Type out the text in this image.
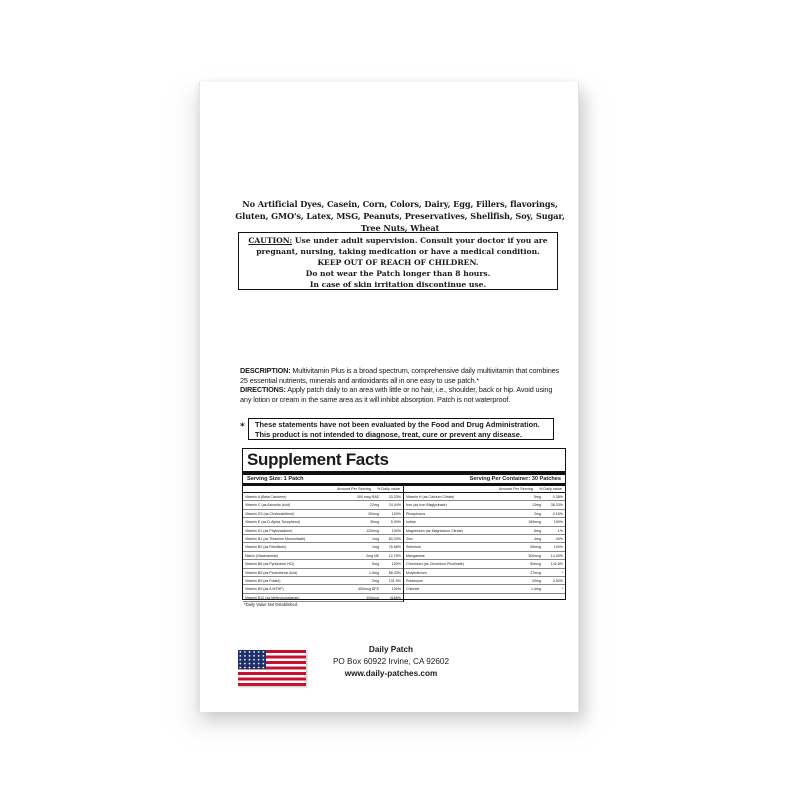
No Artificial Dyes, Casein, Corn, Colors, Dairy, Egg, Fillers, flavorings, Gluten, GMO's, Latex, MSG, Peanuts, Preservatives, Shellfish, Soy, Sugar, Tree Nuts, Wheat
CAUTION: Use under adult supervision. Consult your doctor if you are pregnant, nursing, taking medication or have a medical condition.
KEEP OUT OF REACH OF CHILDREN.
Do not wear the Patch longer than 8 hours.
In case of skin irritation discontinue use.
DESCRIPTION: Multivitamin Plus is a broad spectrum, comprehensive daily multivitamin that combines 25 essential nutrients, minerals and antioxidants all in one easy to use patch.*
DIRECTIONS: Apply patch daily to an area with little or no hair, i.e., shoulder, back or hip. Avoid using any lotion or cream in the same area as it will inhibit absorption. Patch is not waterproof.
* These statements have not been evaluated by the Food and Drug Administration.
This product is not intended to diagnose, treat, cure or prevent any disease.
Supplement Facts
Serving Size: 1 Patch	Serving Per Container: 30 Patches
Amount Per Serving % Daily value
Vitamin A (Beta Carotene)	300 mcg RAE	33.33%
Vitamin C (as Ascorbic Acid)	22mg	24.44%
Vitamin D3 (as Cholecalciferol)	20mcg	100%
Vitamin E (as D-Alpha Tocopherol)	30mg	5.00%
Vitamin K1 (as Phytonadione)	120mcg	100%
Vitamin B1 (as Thiamine Mononitrate)	1mg	83.33%
Vitamin B2 (as Riboflavin)	1mg	76.88%
Niacin (Niacinamide)	2mg NE	12.75%
Vitamin B6 (as Pyridoxine HCl)	5mg	100%
Vitamin B5 (as Pantothenic Acid)	1.5mg	88.33%
Vitamin B9 (as Folate)	2mg	101.9%
Vitamin B9 (as 5-MTHF)	400mcg DFE	100%
Vitamin B12 (as Methylcobalamin)	100mcg	4166%
Amount Per Serving % Daily value
Vitamin H (as Calcium Citrate)	5mg	0.38%
Iron (as Iron Bisglycinate)	13mg	38.33%
Phosphorus	2mg	0.16%
Iodine	150mcg	100%
Magnesium (as Magnesium Citrate)	6mg	1%
Zinc	4mg	40%
Selenium	55mcg	100%
Manganese	300mcg	14.30%
Chromium (as Chromium Picolinate)	50mcg	142.8%
Molybdenum	27mcg	*
Potassium	20mg	0.50%
Chloride	1.4mg	*
*Daily Value Not Established.
Daily Patch
PO Box 60922 Irvine, CA 92602
www.daily-patches.com
